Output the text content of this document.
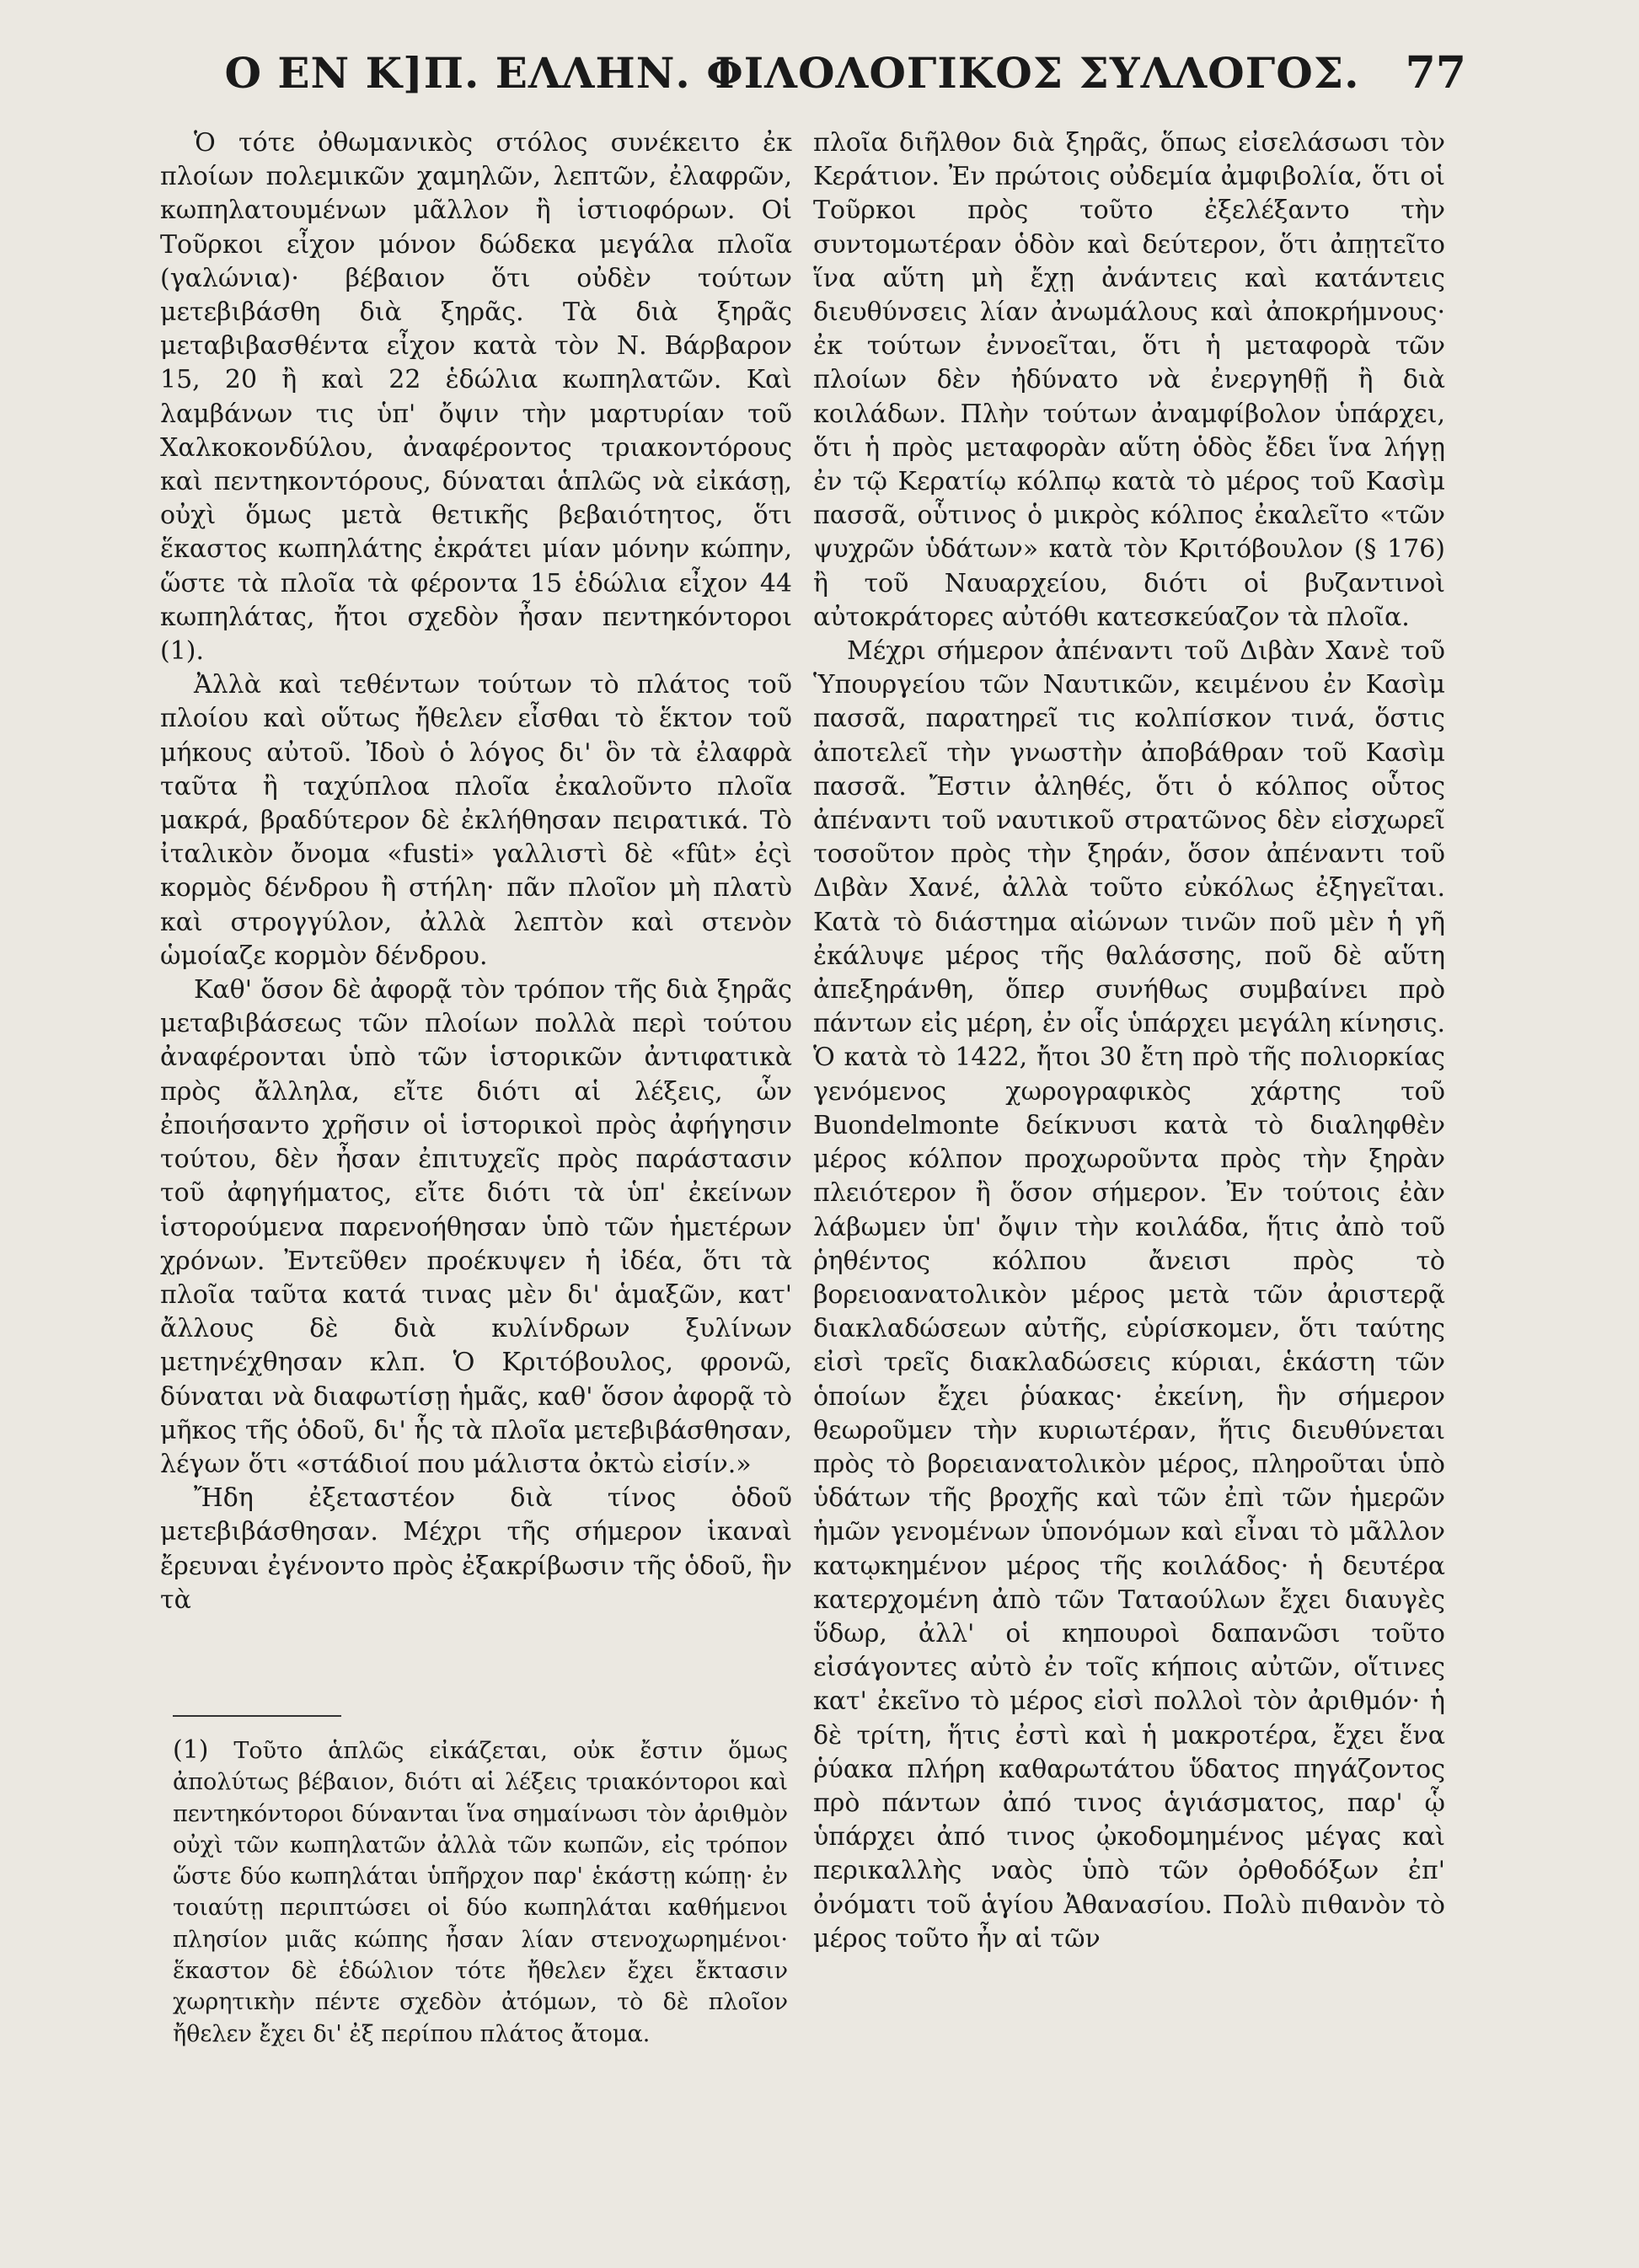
Ο ΕΝ Κ]Π. ΕΛΛΗΝ. ΦΙΛΟΛΟΓΙΚΟΣ ΣΥΛΛΟΓΟΣ.	77

Ὁ τότε ὀθωμανικὸς στόλος συνέκειτο ἐκ πλοίων πολεμικῶν χαμηλῶν, λεπτῶν, ἐλαφρῶν, κωπηλατουμένων μᾶλλον ἢ ἱστιοφόρων. Οἱ Τοῦρκοι εἶχον μόνον δώδεκα μεγάλα πλοῖα (γαλώνια)· βέβαιον ὅτι οὐδὲν τούτων μετεβιβάσθη διὰ ξηρᾶς. Τὰ διὰ ξηρᾶς μεταβιβασθέντα εἶχον κατὰ τὸν Ν. Βάρβαρον 15, 20 ἢ καὶ 22 ἑδώλια κωπηλατῶν. Καὶ λαμβάνων τις ὑπ' ὄψιν τὴν μαρτυρίαν τοῦ Χαλκοκονδύλου, ἀναφέροντος τριακοντόρους καὶ πεντηκοντόρους, δύναται ἁπλῶς νὰ εἰκάσῃ, οὐχὶ ὅμως μετὰ θετικῆς βεβαιότητος, ὅτι ἕκαστος κωπηλάτης ἐκράτει μίαν μόνην κώπην, ὥστε τὰ πλοῖα τὰ φέροντα 15 ἑδώλια εἶχον 44 κωπηλάτας, ἤτοι σχεδὸν ἦσαν πεντηκόντοροι (1).

Ἀλλὰ καὶ τεθέντων τούτων τὸ πλάτος τοῦ πλοίου καὶ οὕτως ἤθελεν εἶσθαι τὸ ἕκτον τοῦ μήκους αὐτοῦ. Ἰδοὺ ὁ λόγος δι' ὃν τὰ ἐλαφρὰ ταῦτα ἢ ταχύπλοα πλοῖα ἐκαλοῦντο πλοῖα μακρά, βραδύτερον δὲ ἐκλήθησαν πειρατικά. Τὸ ἰταλικὸν ὄνομα «fusti» γαλλιστὶ δὲ «fût» ἐςὶ κορμὸς δένδρου ἢ στήλη· πᾶν πλοῖον μὴ πλατὺ καὶ στρογγύλον, ἀλλὰ λεπτὸν καὶ στενὸν ὡμοίαζε κορμὸν δένδρου.

Καθ' ὅσον δὲ ἀφορᾷ τὸν τρόπον τῆς διὰ ξηρᾶς μεταβιβάσεως τῶν πλοίων πολλὰ περὶ τούτου ἀναφέρονται ὑπὸ τῶν ἱστορικῶν ἀντιφατικὰ πρὸς ἄλληλα, εἴτε διότι αἱ λέξεις, ὧν ἐποιήσαντο χρῆσιν οἱ ἱστορικοὶ πρὸς ἀφήγησιν τούτου, δὲν ἦσαν ἐπιτυχεῖς πρὸς παράστασιν τοῦ ἀφηγήματος, εἴτε διότι τὰ ὑπ' ἐκείνων ἱστορούμενα παρενοήθησαν ὑπὸ τῶν ἡμετέρων χρόνων. Ἐντεῦθεν προέκυψεν ἡ ἰδέα, ὅτι τὰ πλοῖα ταῦτα κατά τινας μὲν δι' ἁμαξῶν, κατ' ἄλλους δὲ διὰ κυλίνδρων ξυλίνων μετηνέχθησαν κλπ. Ὁ Κριτόβουλος, φρονῶ, δύναται νὰ διαφωτίσῃ ἡμᾶς, καθ' ὅσον ἀφορᾷ τὸ μῆκος τῆς ὁδοῦ, δι' ἧς τὰ πλοῖα μετεβιβάσθησαν, λέγων ὅτι «στάδιοί που μάλιστα ὀκτὼ εἰσίν.»

Ἤδη ἐξεταστέον διὰ τίνος ὁδοῦ μετεβιβάσθησαν. Μέχρι τῆς σήμερον ἱκαναὶ ἔρευναι ἐγένοντο πρὸς ἐξακρίβωσιν τῆς ὁδοῦ, ἣν τὰ

(1) Τοῦτο ἁπλῶς εἰκάζεται, οὐκ ἔστιν ὅμως ἀπολύτως βέβαιον, διότι αἱ λέξεις τριακόντοροι καὶ πεντηκόντοροι δύνανται ἵνα σημαίνωσι τὸν ἀριθμὸν οὐχὶ τῶν κωπηλατῶν ἀλλὰ τῶν κωπῶν, εἰς τρόπον ὥστε δύο κωπηλάται ὑπῆρχον παρ' ἑκάστῃ κώπῃ· ἐν τοιαύτῃ περιπτώσει οἱ δύο κωπηλάται καθήμενοι πλησίον μιᾶς κώπης ἦσαν λίαν στενοχωρημένοι· ἕκαστον δὲ ἑδώλιον τότε ἤθελεν ἔχει ἔκτασιν χωρητικὴν πέντε σχεδὸν ἀτόμων, τὸ δὲ πλοῖον ἤθελεν ἔχει δι' ἐξ περίπου πλάτος ἄτομα.

πλοῖα διῆλθον διὰ ξηρᾶς, ὅπως εἰσελάσωσι τὸν Κεράτιον. Ἐν πρώτοις οὐδεμία ἀμφιβολία, ὅτι οἱ Τοῦρκοι πρὸς τοῦτο ἐξελέξαντο τὴν συντομωτέραν ὁδὸν καὶ δεύτερον, ὅτι ἀπῃτεῖτο ἵνα αὕτη μὴ ἔχῃ ἀνάντεις καὶ κατάντεις διευθύνσεις λίαν ἀνωμάλους καὶ ἀποκρήμνους· ἐκ τούτων ἐννοεῖται, ὅτι ἡ μεταφορὰ τῶν πλοίων δὲν ἠδύνατο νὰ ἐνεργηθῇ ἢ διὰ κοιλάδων. Πλὴν τούτων ἀναμφίβολον ὑπάρχει, ὅτι ἡ πρὸς μεταφορὰν αὕτη ὁδὸς ἔδει ἵνα λήγῃ ἐν τῷ Κερατίῳ κόλπῳ κατὰ τὸ μέρος τοῦ Κασὶμ πασσᾶ, οὗτινος ὁ μικρὸς κόλπος ἐκαλεῖτο «τῶν ψυχρῶν ὑδάτων» κατὰ τὸν Κριτόβουλον (§ 176) ἢ τοῦ Ναυαρχείου, διότι οἱ βυζαντινοὶ αὐτοκράτορες αὐτόθι κατεσκεύαζον τὰ πλοῖα.

Μέχρι σήμερον ἀπέναντι τοῦ Διβὰν Χανὲ τοῦ Ὑπουργείου τῶν Ναυτικῶν, κειμένου ἐν Κασὶμ πασσᾶ, παρατηρεῖ τις κολπίσκον τινά, ὅστις ἀποτελεῖ τὴν γνωστὴν ἀποβάθραν τοῦ Κασὶμ πασσᾶ. Ἔστιν ἀληθές, ὅτι ὁ κόλπος οὗτος ἀπέναντι τοῦ ναυτικοῦ στρατῶνος δὲν εἰσχωρεῖ τοσοῦτον πρὸς τὴν ξηράν, ὅσον ἀπέναντι τοῦ Διβὰν Χανέ, ἀλλὰ τοῦτο εὐκόλως ἐξηγεῖται. Κατὰ τὸ διάστημα αἰώνων τινῶν ποῦ μὲν ἡ γῆ ἐκάλυψε μέρος τῆς θαλάσσης, ποῦ δὲ αὕτη ἀπεξηράνθη, ὅπερ συνήθως συμβαίνει πρὸ πάντων εἰς μέρη, ἐν οἷς ὑπάρχει μεγάλη κίνησις. Ὁ κατὰ τὸ 1422, ἤτοι 30 ἔτη πρὸ τῆς πολιορκίας γενόμενος χωρογραφικὸς χάρτης τοῦ Buondelmonte δείκνυσι κατὰ τὸ διαληφθὲν μέρος κόλπον προχωροῦντα πρὸς τὴν ξηρὰν πλειότερον ἢ ὅσον σήμερον. Ἐν τούτοις ἐὰν λάβωμεν ὑπ' ὄψιν τὴν κοιλάδα, ἥτις ἀπὸ τοῦ ῥηθέντος κόλπου ἄνεισι πρὸς τὸ βορειοανατολικὸν μέρος μετὰ τῶν ἀριστερᾷ διακλαδώσεων αὐτῆς, εὑρίσκομεν, ὅτι ταύτης εἰσὶ τρεῖς διακλαδώσεις κύριαι, ἑκάστη τῶν ὁποίων ἔχει ῥύακας· ἐκείνη, ἣν σήμερον θεωροῦμεν τὴν κυριωτέραν, ἥτις διευθύνεται πρὸς τὸ βορειανατολικὸν μέρος, πληροῦται ὑπὸ ὑδάτων τῆς βροχῆς καὶ τῶν ἐπὶ τῶν ἡμερῶν ἡμῶν γενομένων ὑπονόμων καὶ εἶναι τὸ μᾶλλον κατῳκημένον μέρος τῆς κοιλάδος· ἡ δευτέρα κατερχομένη ἀπὸ τῶν Ταταούλων ἔχει διαυγὲς ὕδωρ, ἀλλ' οἱ κηπουροὶ δαπανῶσι τοῦτο εἰσάγοντες αὐτὸ ἐν τοῖς κήποις αὐτῶν, οἵτινες κατ' ἐκεῖνο τὸ μέρος εἰσὶ πολλοὶ τὸν ἀριθμόν· ἡ δὲ τρίτη, ἥτις ἐστὶ καὶ ἡ μακροτέρα, ἔχει ἕνα ῥύακα πλήρη καθαρωτάτου ὕδατος πηγάζοντος πρὸ πάντων ἀπό τινος ἁγιάσματος, παρ' ᾧ ὑπάρχει ἀπό τινος ᾠκοδομημένος μέγας καὶ περικαλλὴς ναὸς ὑπὸ τῶν ὀρθοδόξων ἐπ' ὀνόματι τοῦ ἁγίου Ἀθανασίου. Πολὺ πιθανὸν τὸ μέρος τοῦτο ἦν αἱ τῶν
